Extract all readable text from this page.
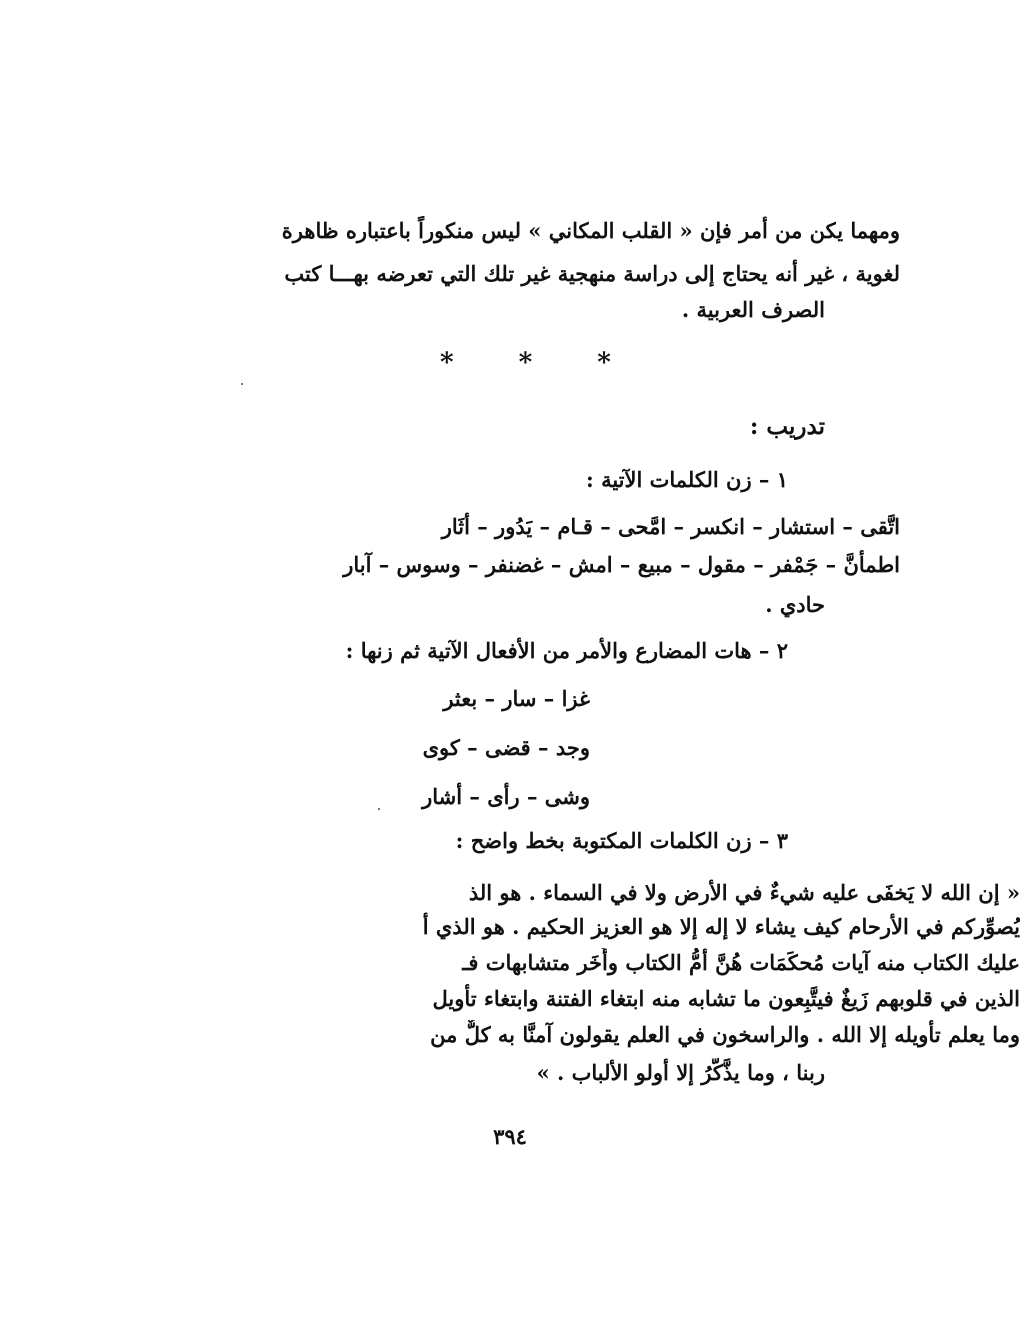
ومهما يكن من أمر فإن « القلب المكاني » ليس منكوراً باعتباره ظاهرة
لغوية ، غير أنه يحتاج إلى دراسة منهجية غير تلك التي تعرضه بهـــا كتب
الصرف العربية .
* * *
تدريب :
١ – زن الكلمات الآتية :
اتَّقى – استشار – انكسر – امَّحى – قـام – يَدُور – أثَار
اطمأنَّ – جَمْفر – مقول – مبيع – امش – غضنفر – وسوس – آبار
حادي .
٢ – هات المضارع والأمر من الأفعال الآتية ثم زنها :
غزا – سار – بعثر
وجد – قضى – كوى
وشى – رأى – أشار
٣ – زن الكلمات المكتوبة بخط واضح :
« إن الله لا يَخفَى عليه شيءٌ في الأرض ولا في السماء . هو الذ
يُصوِّركم في الأرحام كيف يشاء لا إله إلا هو العزيز الحكيم . هو الذي أ
عليك الكتاب منه آيات مُحكَمَات هُنَّ أمُّ الكتاب وأُخَر متشابهات فـ
الذين في قلوبهم زَيغٌ فيتَّبِعون ما تشابه منه ابتغاء الفتنة وابتغاء تأويل
وما يعلم تأويله إلا الله . والراسخون في العلم يقولون آمنَّا به كلٌّ من
ربنا ، وما يذَّكَّرُ إلا أولو الألباب . »
٣٩٤
